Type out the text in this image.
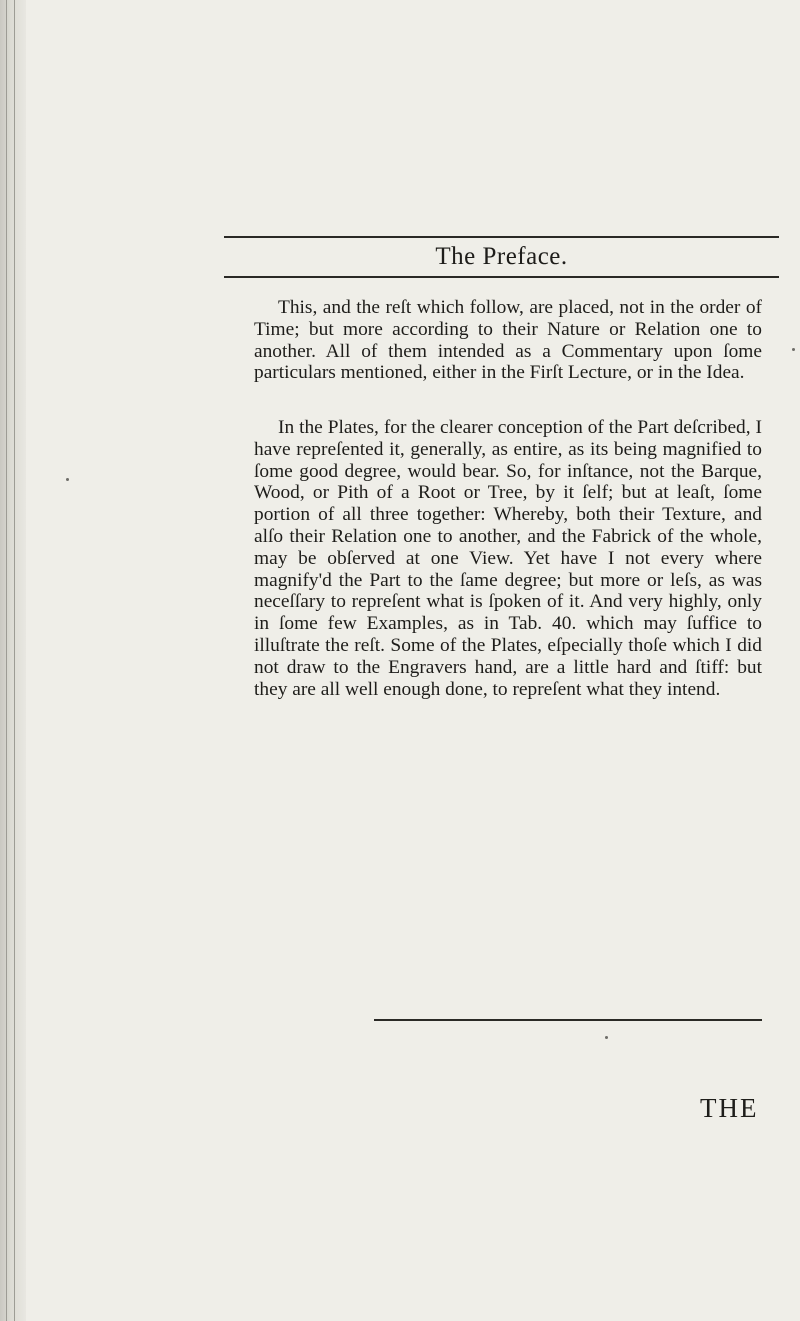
The Preface.

This, and the reſt which follow, are placed, not in the order of Time; but more according to their Nature or Relation one to another. All of them intended as a Commentary upon ſome particulars mentioned, either in the Firſt Lecture, or in the Idea.

In the Plates, for the clearer conception of the Part deſcribed, I have repreſented it, generally, as entire, as its being magnified to ſome good degree, would bear. So, for inſtance, not the Barque, Wood, or Pith of a Root or Tree, by it ſelf; but at leaſt, ſome portion of all three together: Whereby, both their Texture, and alſo their Relation one to another, and the Fabrick of the whole, may be obſerved at one View. Yet have I not every where magnify'd the Part to the ſame degree; but more or leſs, as was neceſſary to repreſent what is ſpoken of it. And very highly, only in ſome few Examples, as in Tab. 40. which may ſuffice to illuſtrate the reſt. Some of the Plates, eſpecially thoſe which I did not draw to the Engravers hand, are a little hard and ſtiff: but they are all well enough done, to repreſent what they intend.

THE
